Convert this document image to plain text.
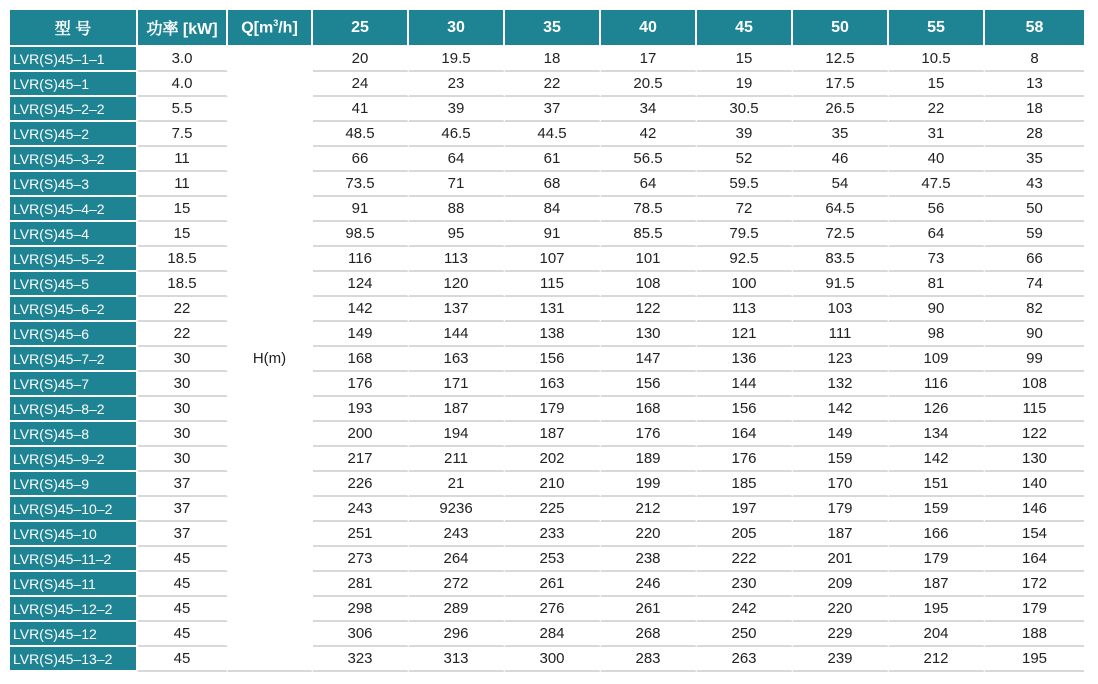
型 号	功率 [kW]	$Q[m^3/h]$	25	30	35	40	45	50	55	58
LVR(S)45–1–1	3.0	H(m)	20	19.5	18	17	15	12.5	10.5	8
LVR(S)45–1	4.0		24	23	22	20.5	19	17.5	15	13
LVR(S)45–2–2	5.5		41	39	37	34	30.5	26.5	22	18
LVR(S)45–2	7.5		48.5	46.5	44.5	42	39	35	31	28
LVR(S)45–3–2	11		66	64	61	56.5	52	46	40	35
LVR(S)45–3	11		73.5	71	68	64	59.5	54	47.5	43
LVR(S)45–4–2	15		91	88	84	78.5	72	64.5	56	50
LVR(S)45–4	15		98.5	95	91	85.5	79.5	72.5	64	59
LVR(S)45–5–2	18.5		116	113	107	101	92.5	83.5	73	66
LVR(S)45–5	18.5		124	120	115	108	100	91.5	81	74
LVR(S)45–6–2	22		142	137	131	122	113	103	90	82
LVR(S)45–6	22		149	144	138	130	121	111	98	90
LVR(S)45–7–2	30		168	163	156	147	136	123	109	99
LVR(S)45–7	30		176	171	163	156	144	132	116	108
LVR(S)45–8–2	30		193	187	179	168	156	142	126	115
LVR(S)45–8	30		200	194	187	176	164	149	134	122
LVR(S)45–9–2	30		217	211	202	189	176	159	142	130
LVR(S)45–9	37		226	21	210	199	185	170	151	140
LVR(S)45–10–2	37		243	9236	225	212	197	179	159	146
LVR(S)45–10	37		251	243	233	220	205	187	166	154
LVR(S)45–11–2	45		273	264	253	238	222	201	179	164
LVR(S)45–11	45		281	272	261	246	230	209	187	172
LVR(S)45–12–2	45		298	289	276	261	242	220	195	179
LVR(S)45–12	45		306	296	284	268	250	229	204	188
LVR(S)45–13–2	45		323	313	300	283	263	239	212	195
